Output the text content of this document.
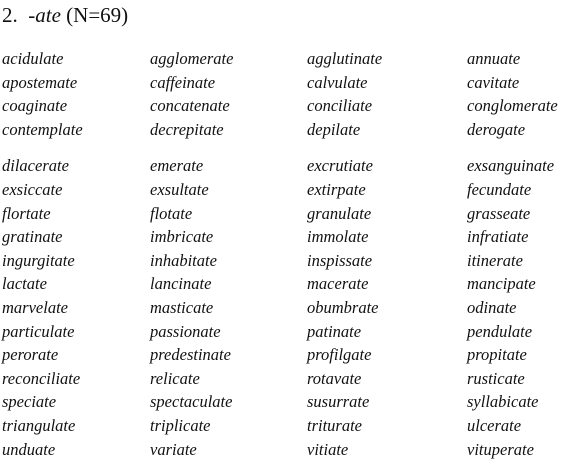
2. -ate (N=69)
acidulate	agglomerate	agglutinate	annuate
apostemate	caffeinate	calvulate	cavitate
coaginate	concatenate	conciliate	conglomerate
contemplate	decrepitate	depilate	derogate

dilacerate	emerate	excrutiate	exsanguinate
exsiccate	exsultate	extirpate	fecundate
flortate	flotate	granulate	grasseate
gratinate	imbricate	immolate	infratiate
ingurgitate	inhabitate	inspissate	itinerate
lactate	lancinate	macerate	mancipate
marvelate	masticate	obumbrate	odinate
particulate	passionate	patinate	pendulate
perorate	predestinate	profilgate	propitate
reconciliate	relicate	rotavate	rusticate
speciate	spectaculate	susurrate	syllabicate
triangulate	triplicate	triturate	ulcerate
unduate	variate	vitiate	vituperate
